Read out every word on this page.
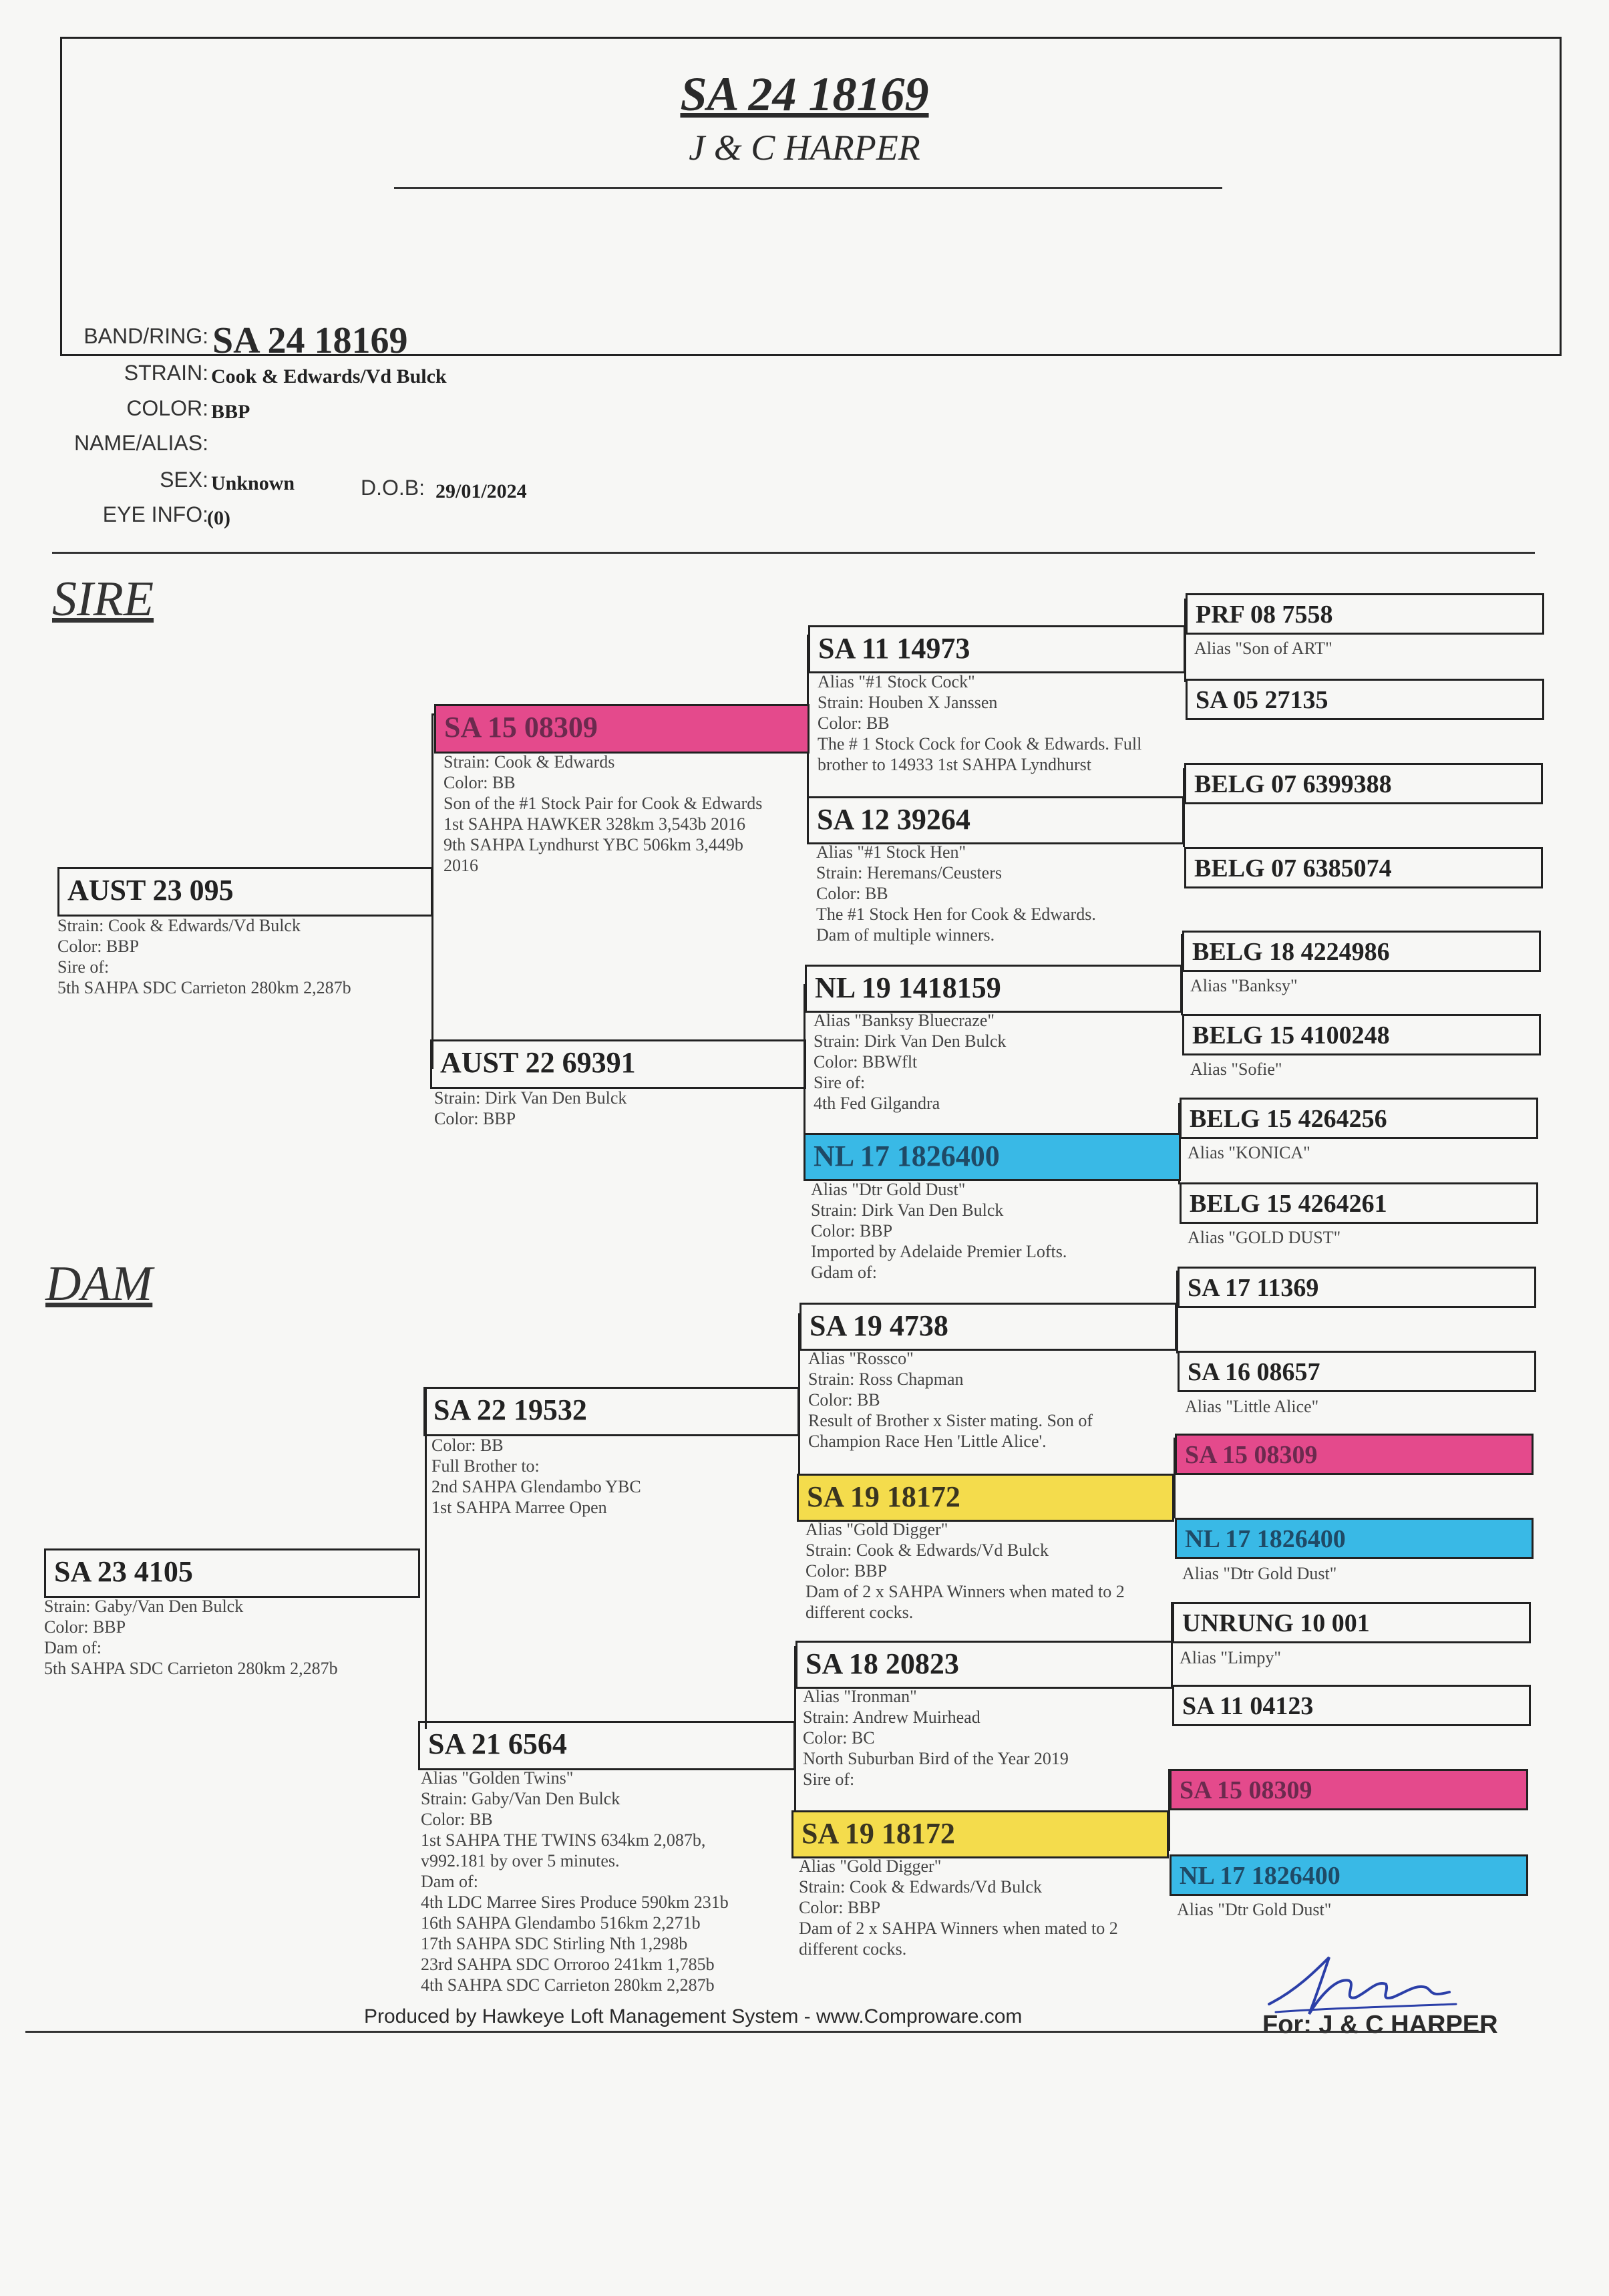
SA 24 18169
J & C HARPER
BAND/RING: SA 24 18169
STRAIN: Cook & Edwards/Vd Bulck
COLOR: BBP
NAME/ALIAS:
SEX: Unknown	D.O.B: 29/01/2024
EYE INFO:
(0)
SIRE
DAM
AUST 23 095
Strain: Cook & Edwards/Vd Bulck
Color: BBP
Sire of:
5th SAHPA SDC Carrieton 280km 2,287b
SA 23 4105
Strain: Gaby/Van Den Bulck
Color: BBP
Dam of:
5th SAHPA SDC Carrieton 280km 2,287b
SA 15 08309
Strain: Cook & Edwards
Color: BB
Son of the #1 Stock Pair for Cook & Edwards
1st SAHPA HAWKER 328km 3,543b 2016
9th SAHPA Lyndhurst YBC 506km 3,449b
2016
AUST 22 69391
Strain: Dirk Van Den Bulck
Color: BBP
SA 22 19532
Color: BB
Full Brother to:
2nd SAHPA Glendambo YBC
1st SAHPA Marree Open
SA 21 6564
Alias "Golden Twins"
Strain: Gaby/Van Den Bulck
Color: BB
1st SAHPA THE TWINS 634km 2,087b,
v992.181 by over 5 minutes.
Dam of:
4th LDC Marree Sires Produce 590km 231b
16th SAHPA Glendambo 516km 2,271b
17th SAHPA SDC Stirling Nth 1,298b
23rd SAHPA SDC Orroroo 241km 1,785b
4th SAHPA SDC Carrieton 280km 2,287b
SA 11 14973
Alias "#1 Stock Cock"
Strain: Houben X Janssen
Color: BB
The # 1 Stock Cock for Cook & Edwards. Full
brother to 14933 1st SAHPA Lyndhurst
SA 12 39264
Alias "#1 Stock Hen"
Strain: Heremans/Ceusters
Color: BB
The #1 Stock Hen for Cook & Edwards.
Dam of multiple winners.
NL 19 1418159
Alias "Banksy Bluecraze"
Strain: Dirk Van Den Bulck
Color: BBWflt
Sire of:
4th Fed Gilgandra
NL 17 1826400
Alias "Dtr Gold Dust"
Strain: Dirk Van Den Bulck
Color: BBP
Imported by Adelaide Premier Lofts.
Gdam of:
SA 19 4738
Alias "Rossco"
Strain: Ross Chapman
Color: BB
Result of Brother x Sister mating. Son of
Champion Race Hen 'Little Alice'.
SA 19 18172
Alias "Gold Digger"
Strain: Cook & Edwards/Vd Bulck
Color: BBP
Dam of 2 x SAHPA Winners when mated to 2
different cocks.
SA 18 20823
Alias "Ironman"
Strain: Andrew Muirhead
Color: BC
North Suburban Bird of the Year 2019
Sire of:
SA 19 18172
Alias "Gold Digger"
Strain: Cook & Edwards/Vd Bulck
Color: BBP
Dam of 2 x SAHPA Winners when mated to 2
different cocks.
PRF 08 7558
Alias "Son of ART"
SA 05 27135
BELG 07 6399388
BELG 07 6385074
BELG 18 4224986
Alias "Banksy"
BELG 15 4100248
Alias "Sofie"
BELG 15 4264256
Alias "KONICA"
BELG 15 4264261
Alias "GOLD DUST"
SA 17 11369
SA 16 08657
Alias "Little Alice"
SA 15 08309
NL 17 1826400
Alias "Dtr Gold Dust"
UNRUNG 10 001
Alias "Limpy"
SA 11 04123
SA 15 08309
NL 17 1826400
Alias "Dtr Gold Dust"
Produced by Hawkeye Loft Management System - www.Comproware.com	For: J & C HARPER
